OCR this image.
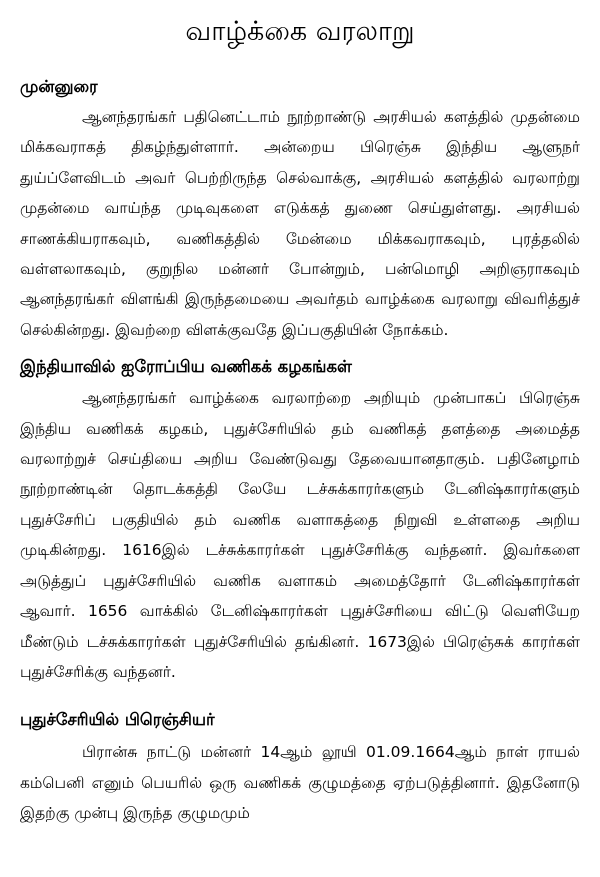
வாழ்க்கை வரலாறு
முன்னுரை

ஆனந்தரங்கர் பதினெட்டாம் நூற்றாண்டு அரசியல் களத்தில் முதன்மை மிக்கவராகத் திகழ்ந்துள்ளார். அன்றைய பிரெஞ்சு இந்திய ஆளுநர் துய்ப்ளேவிடம் அவர் பெற்றிருந்த செல்வாக்கு, அரசியல் களத்தில் வரலாற்று முதன்மை வாய்ந்த முடிவுகளை எடுக்கத் துணை செய்துள்ளது. அரசியல் சாணக்கியராகவும், வணிகத்தில் மேன்மை மிக்கவராகவும், புரத்தலில் வள்ளலாகவும், குறுநில மன்னர் போன்றும், பன்மொழி அறிஞராகவும் ஆனந்தரங்கர் விளங்கி இருந்தமையை அவர்தம் வாழ்க்கை வரலாறு விவரித்துச் செல்கின்றது. இவற்றை விளக்குவதே இப்பகுதியின் நோக்கம்.

இந்தியாவில் ஐரோப்பிய வணிகக் கழகங்கள்

ஆனந்தரங்கர் வாழ்க்கை வரலாற்றை அறியும் முன்பாகப் பிரெஞ்சு இந்திய வணிகக் கழகம், புதுச்சேரியில் தம் வணிகத் தளத்தை அமைத்த வரலாற்றுச் செய்தியை அறிய வேண்டுவது தேவையானதாகும். பதினேழாம் நூற்றாண்டின் தொடக்கத்தி லேயே டச்சுக்காரர்களும் டேனிஷ்காரர்களும் புதுச்சேரிப் பகுதியில் தம் வணிக வளாகத்தை நிறுவி உள்ளதை அறிய முடிகின்றது. 1616இல் டச்சுக்காரர்கள் புதுச்சேரிக்கு வந்தனர். இவர்களை அடுத்துப் புதுச்சேரியில் வணிக வளாகம் அமைத்தோர் டேனிஷ்காரர்கள் ஆவார். 1656 வாக்கில் டேனிஷ்காரர்கள் புதுச்சேரியை விட்டு வெளியேற மீண்டும் டச்சுக்காரர்கள் புதுச்சேரியில் தங்கினர். 1673இல் பிரெஞ்சுக் காரர்கள் புதுச்சேரிக்கு வந்தனர்.

புதுச்சேரியில் பிரெஞ்சியர்

பிரான்சு நாட்டு மன்னர் 14ஆம் லூயி 01.09.1664ஆம் நாள் ராயல் கம்பெனி எனும் பெயரில் ஒரு வணிகக் குழுமத்தை ஏற்படுத்தினார். இதனோடு இதற்கு முன்பு இருந்த குழுமமும்
